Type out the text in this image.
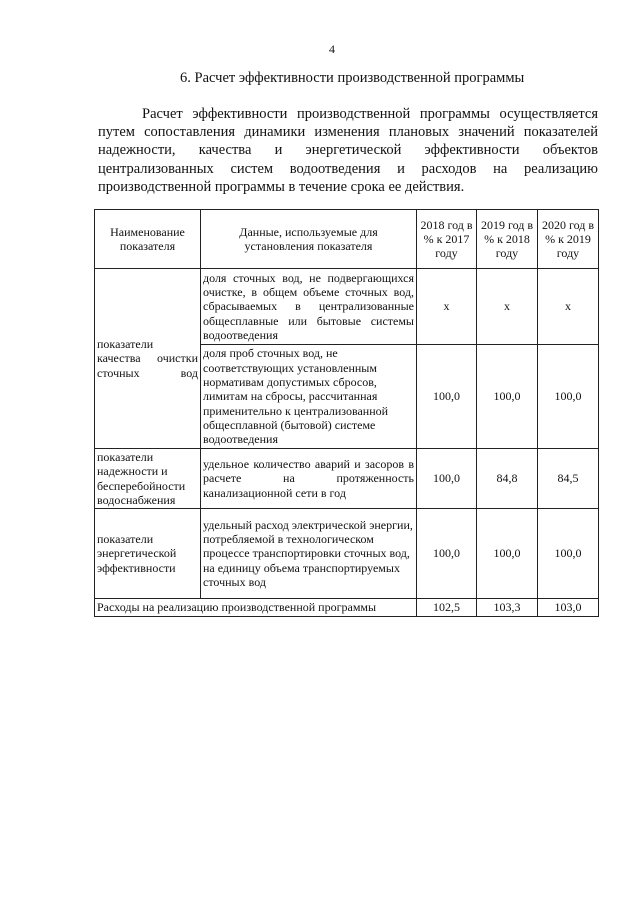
4
6. Расчет эффективности производственной программы
Расчет эффективности производственной программы осуществляется путем сопоставления динамики изменения плановых значений показателей надежности, качества и энергетической эффективности объектов централизованных систем водоотведения и расходов на реализацию производственной программы в течение срока ее действия.
Наименование показателя	Данные, используемые для установления показателя	2018 год в % к 2017 году	2019 год в % к 2018 году	2020 год в % к 2019 году
показатели качества очистки сточных вод	доля сточных вод, не подвергающихся очистке, в общем объеме сточных вод, сбрасываемых в централизованные общесплавные или бытовые системы водоотведения	х	х	х
	доля проб сточных вод, не соответствующих установленным нормативам допустимых сбросов, лимитам на сбросы, рассчитанная применительно к централизованной общесплавной (бытовой) системе водоотведения	100,0	100,0	100,0
показатели надежности и бесперебойности водоснабжения	удельное количество аварий и засоров в расчете на протяженность канализационной сети в год	100,0	84,8	84,5
показатели энергетической эффективности	удельный расход электрической энергии, потребляемой в технологическом процессе транспортировки сточных вод, на единицу объема транспортируемых сточных вод	100,0	100,0	100,0
Расходы на реализацию производственной программы		102,5	103,3	103,0
